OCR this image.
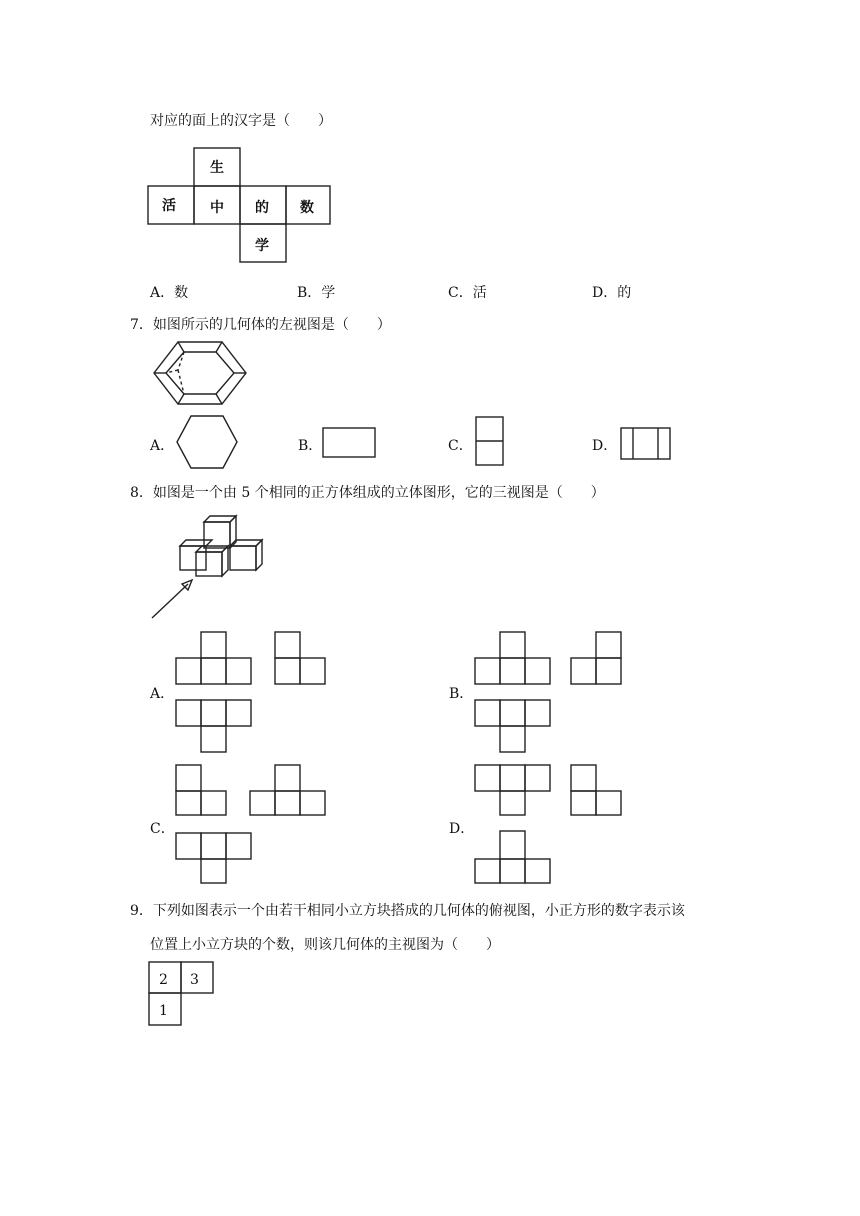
对应的面上的汉字是（　　）
生
活 中 的 数
学
A．数	B．学	C．活	D．的
7．如图所示的几何体的左视图是（　　）
A．	B．	C．	D．
8．如图是一个由 5 个相同的正方体组成的立体图形，它的三视图是（　　）
A．	B．
C．	D．
9．下列如图表示一个由若干相同小立方块搭成的几何体的俯视图，小正方形的数字表示该
位置上小立方块的个数，则该几何体的主视图为（　　）
2 3
1
